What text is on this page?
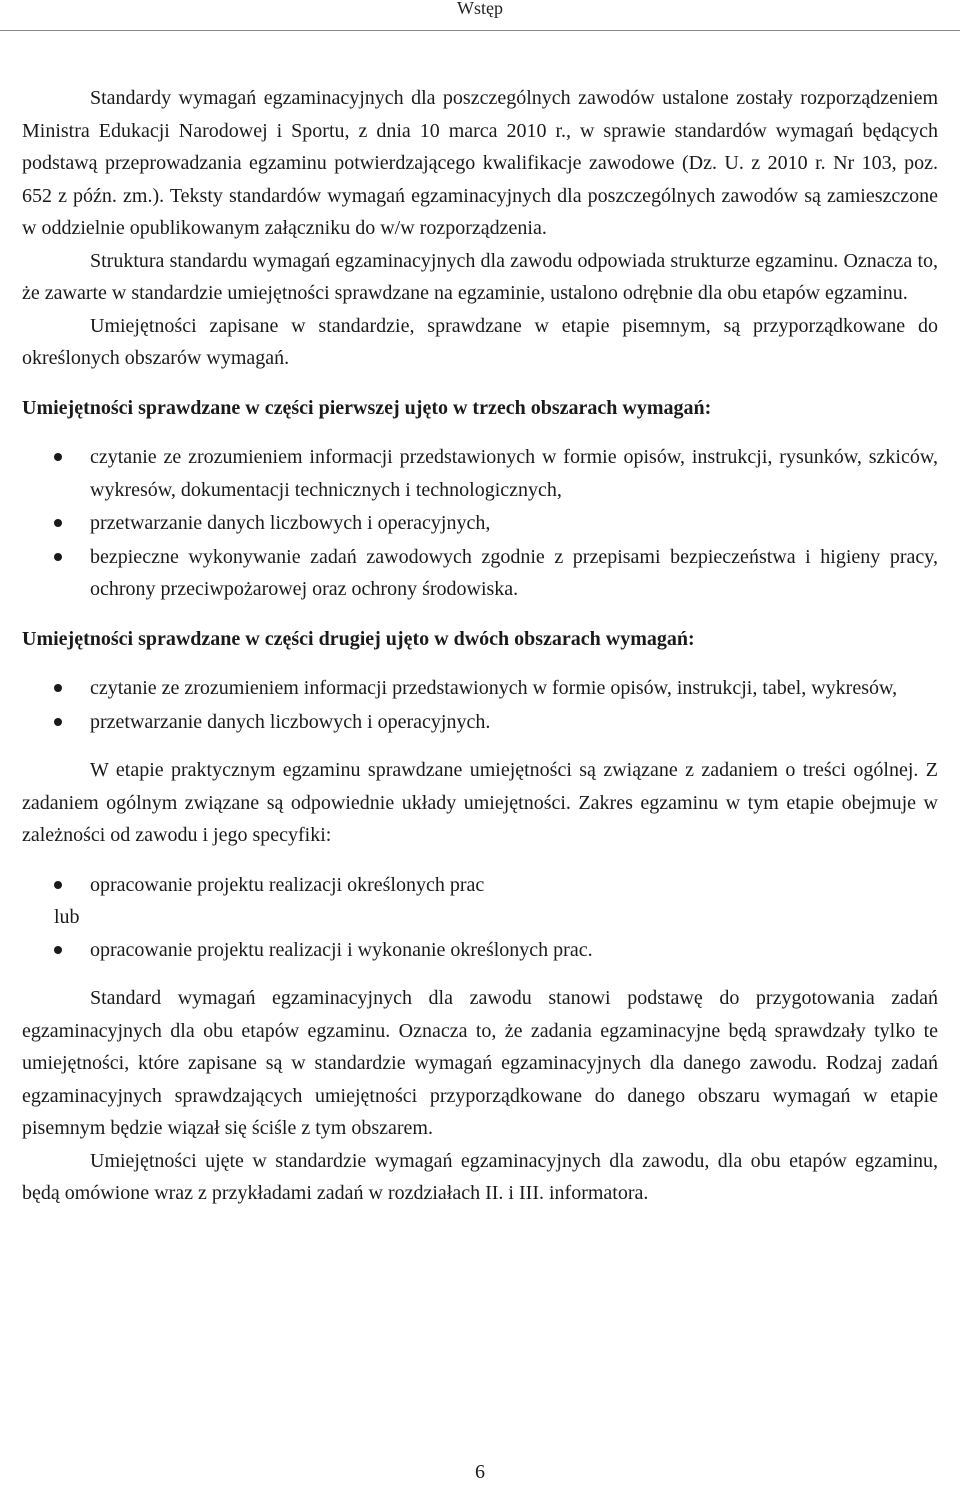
Wstęp

Standardy wymagań egzaminacyjnych dla poszczególnych zawodów ustalone zostały rozporządzeniem Ministra Edukacji Narodowej i Sportu, z dnia 10 marca 2010 r., w sprawie standardów wymagań będących podstawą przeprowadzania egzaminu potwierdzającego kwalifikacje zawodowe (Dz. U. z 2010 r. Nr 103, poz. 652 z późn. zm.). Teksty standardów wymagań egzaminacyjnych dla poszczególnych zawodów są zamieszczone w oddzielnie opublikowanym załączniku do w/w rozporządzenia.

Struktura standardu wymagań egzaminacyjnych dla zawodu odpowiada strukturze egzaminu. Oznacza to, że zawarte w standardzie umiejętności sprawdzane na egzaminie, ustalono odrębnie dla obu etapów egzaminu.

Umiejętności zapisane w standardzie, sprawdzane w etapie pisemnym, są przyporządkowane do określonych obszarów wymagań.

Umiejętności sprawdzane w części pierwszej ujęto w trzech obszarach wymagań:
czytanie ze zrozumieniem informacji przedstawionych w formie opisów, instrukcji, rysunków, szkiców, wykresów, dokumentacji technicznych i technologicznych,
przetwarzanie danych liczbowych i operacyjnych,
bezpieczne wykonywanie zadań zawodowych zgodnie z przepisami bezpieczeństwa i higieny pracy, ochrony przeciwpożarowej oraz ochrony środowiska.
Umiejętności sprawdzane w części drugiej ujęto w dwóch obszarach wymagań:
czytanie ze zrozumieniem informacji przedstawionych w formie opisów, instrukcji, tabel, wykresów,
przetwarzanie danych liczbowych i operacyjnych.

W etapie praktycznym egzaminu sprawdzane umiejętności są związane z zadaniem o treści ogólnej. Z zadaniem ogólnym związane są odpowiednie układy umiejętności. Zakres egzaminu w tym etapie obejmuje w zależności od zawodu i jego specyfiki:

opracowanie projektu realizacji określonych prac

lub

opracowanie projektu realizacji i wykonanie określonych prac.

Standard wymagań egzaminacyjnych dla zawodu stanowi podstawę do przygotowania zadań egzaminacyjnych dla obu etapów egzaminu. Oznacza to, że zadania egzaminacyjne będą sprawdzały tylko te umiejętności, które zapisane są w standardzie wymagań egzaminacyjnych dla danego zawodu. Rodzaj zadań egzaminacyjnych sprawdzających umiejętności przyporządkowane do danego obszaru wymagań w etapie pisemnym będzie wiązał się ściśle z tym obszarem.

Umiejętności ujęte w standardzie wymagań egzaminacyjnych dla zawodu, dla obu etapów egzaminu, będą omówione wraz z przykładami zadań w rozdziałach II. i III. informatora.

6
